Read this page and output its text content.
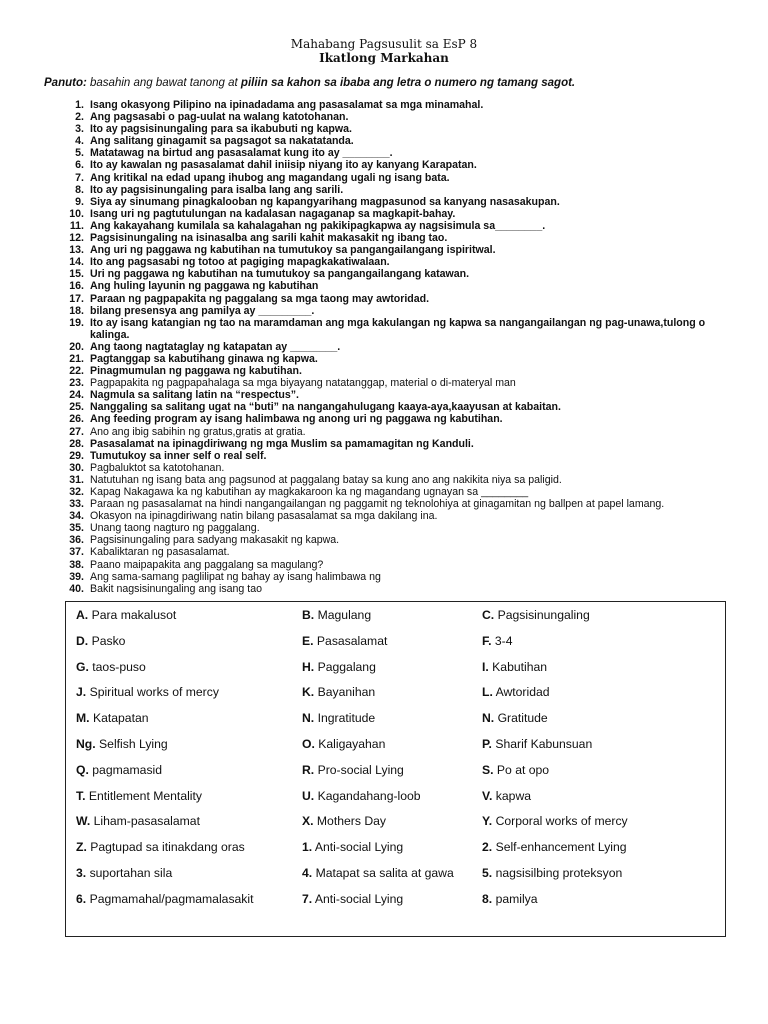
Mahabang Pagsusulit sa EsP 8
Ikatlong Markahan
Panuto: basahin ang bawat tanong at piliin sa kahon sa ibaba ang letra o numero ng tamang sagot.
1. Isang okasyong Pilipino na ipinadadama ang pasasalamat sa mga minamahal.
2. Ang pagsasabi o pag-uulat na walang katotohanan.
3. Ito ay pagsisinungaling para sa ikabubuti ng kapwa.
4. Ang salitang ginagamit sa pagsagot sa nakatatanda.
5. Matatawag na birtud ang pasasalamat kung ito ay ________.
6. Ito ay kawalan ng pasasalamat dahil iniisip niyang ito ay kanyang Karapatan.
7. Ang kritikal na edad upang ihubog ang magandang ugali ng isang bata.
8. Ito ay pagsisinungaling para isalba lang ang sarili.
9. Siya ay sinumang pinagkalooban ng kapangyarihang magpasunod sa kanyang nasasakupan.
10. Isang uri ng pagtutulungan na kadalasan nagaganap sa magkapit-bahay.
11. Ang kakayahang kumilala sa kahalagahan ng pakikipagkapwa ay nagsisimula sa________.
12. Pagsisinungaling na isinasalba ang sarili kahit makasakit ng ibang tao.
13. Ang uri ng paggawa ng kabutihan na tumutukoy sa pangangailangang ispiritwal.
14. Ito ang pagsasabi ng totoo at pagiging mapagkakatiwalaan.
15. Uri ng paggawa ng kabutihan na tumutukoy sa pangangailangang katawan.
16. Ang huling layunin ng paggawa ng kabutihan
17. Paraan ng pagpapakita ng paggalang sa mga taong may awtoridad.
18. bilang presensya ang pamilya ay _________.
19. Ito ay isang katangian ng tao na maramdaman ang mga kakulangan ng kapwa sa nangangailangan ng pag-unawa,tulong o kalinga.
20. Ang taong nagtataglay ng katapatan ay ________.
21. Pagtanggap sa kabutihang ginawa ng kapwa.
22. Pinagmumulan ng paggawa ng kabutihan.
23. Pagpapakita ng pagpapahalaga sa mga biyayang natatanggap, material o di-materyal man
24. Nagmula sa salitang latin na “respectus”.
25. Nanggaling sa salitang ugat na “buti” na nangangahulugang kaaya-aya,kaayusan at kabaitan.
26. Ang feeding program ay isang halimbawa ng anong uri ng paggawa ng kabutihan.
27. Ano ang ibig sabihin ng gratus,gratis at gratia.
28. Pasasalamat na ipinagdiriwang ng mga Muslim sa pamamagitan ng Kanduli.
29. Tumutukoy sa inner self o real self.
30. Pagbaluktot sa katotohanan.
31. Natutuhan ng isang bata ang pagsunod at paggalang batay sa kung ano ang nakikita niya sa paligid.
32. Kapag Nakagawa ka ng kabutihan ay magkakaroon ka ng magandang ugnayan sa ________
33. Paraan ng pasasalamat na hindi nangangailangan ng paggamit ng teknolohiya at ginagamitan ng ballpen at papel lamang.
34. Okasyon na ipinagdiriwang natin bilang pasasalamat sa mga dakilang ina.
35. Unang taong nagturo ng paggalang.
36. Pagsisinungaling para sadyang makasakit ng kapwa.
37. Kabaliktaran ng pasasalamat.
38. Paano maipapakita ang paggalang sa magulang?
39. Ang sama-samang paglilipat ng bahay ay isang halimbawa ng
40. Bakit nagsisinungaling ang isang tao
A. Para makalusot	B. Magulang	C. Pagsisinungaling
D. Pasko	E. Pasasalamat	F. 3-4
G. taos-puso	H. Paggalang	I. Kabutihan
J. Spiritual works of mercy	K. Bayanihan	L. Awtoridad
M. Katapatan	N. Ingratitude	N. Gratitude
Ng. Selfish Lying	O. Kaligayahan	P. Sharif Kabunsuan
Q. pagmamasid	R. Pro-social Lying	S. Po at opo
T. Entitlement Mentality	U. Kagandahang-loob	V. kapwa
W. Liham-pasasalamat	X. Mothers Day	Y. Corporal works of mercy
Z. Pagtupad sa itinakdang oras	1. Anti-social Lying	2. Self-enhancement Lying
3. suportahan sila	4. Matapat sa salita at gawa 5. nagsisilbing proteksyon
6. Pagmamahal/pagmamalasakit	7. Anti-social Lying	8. pamilya
